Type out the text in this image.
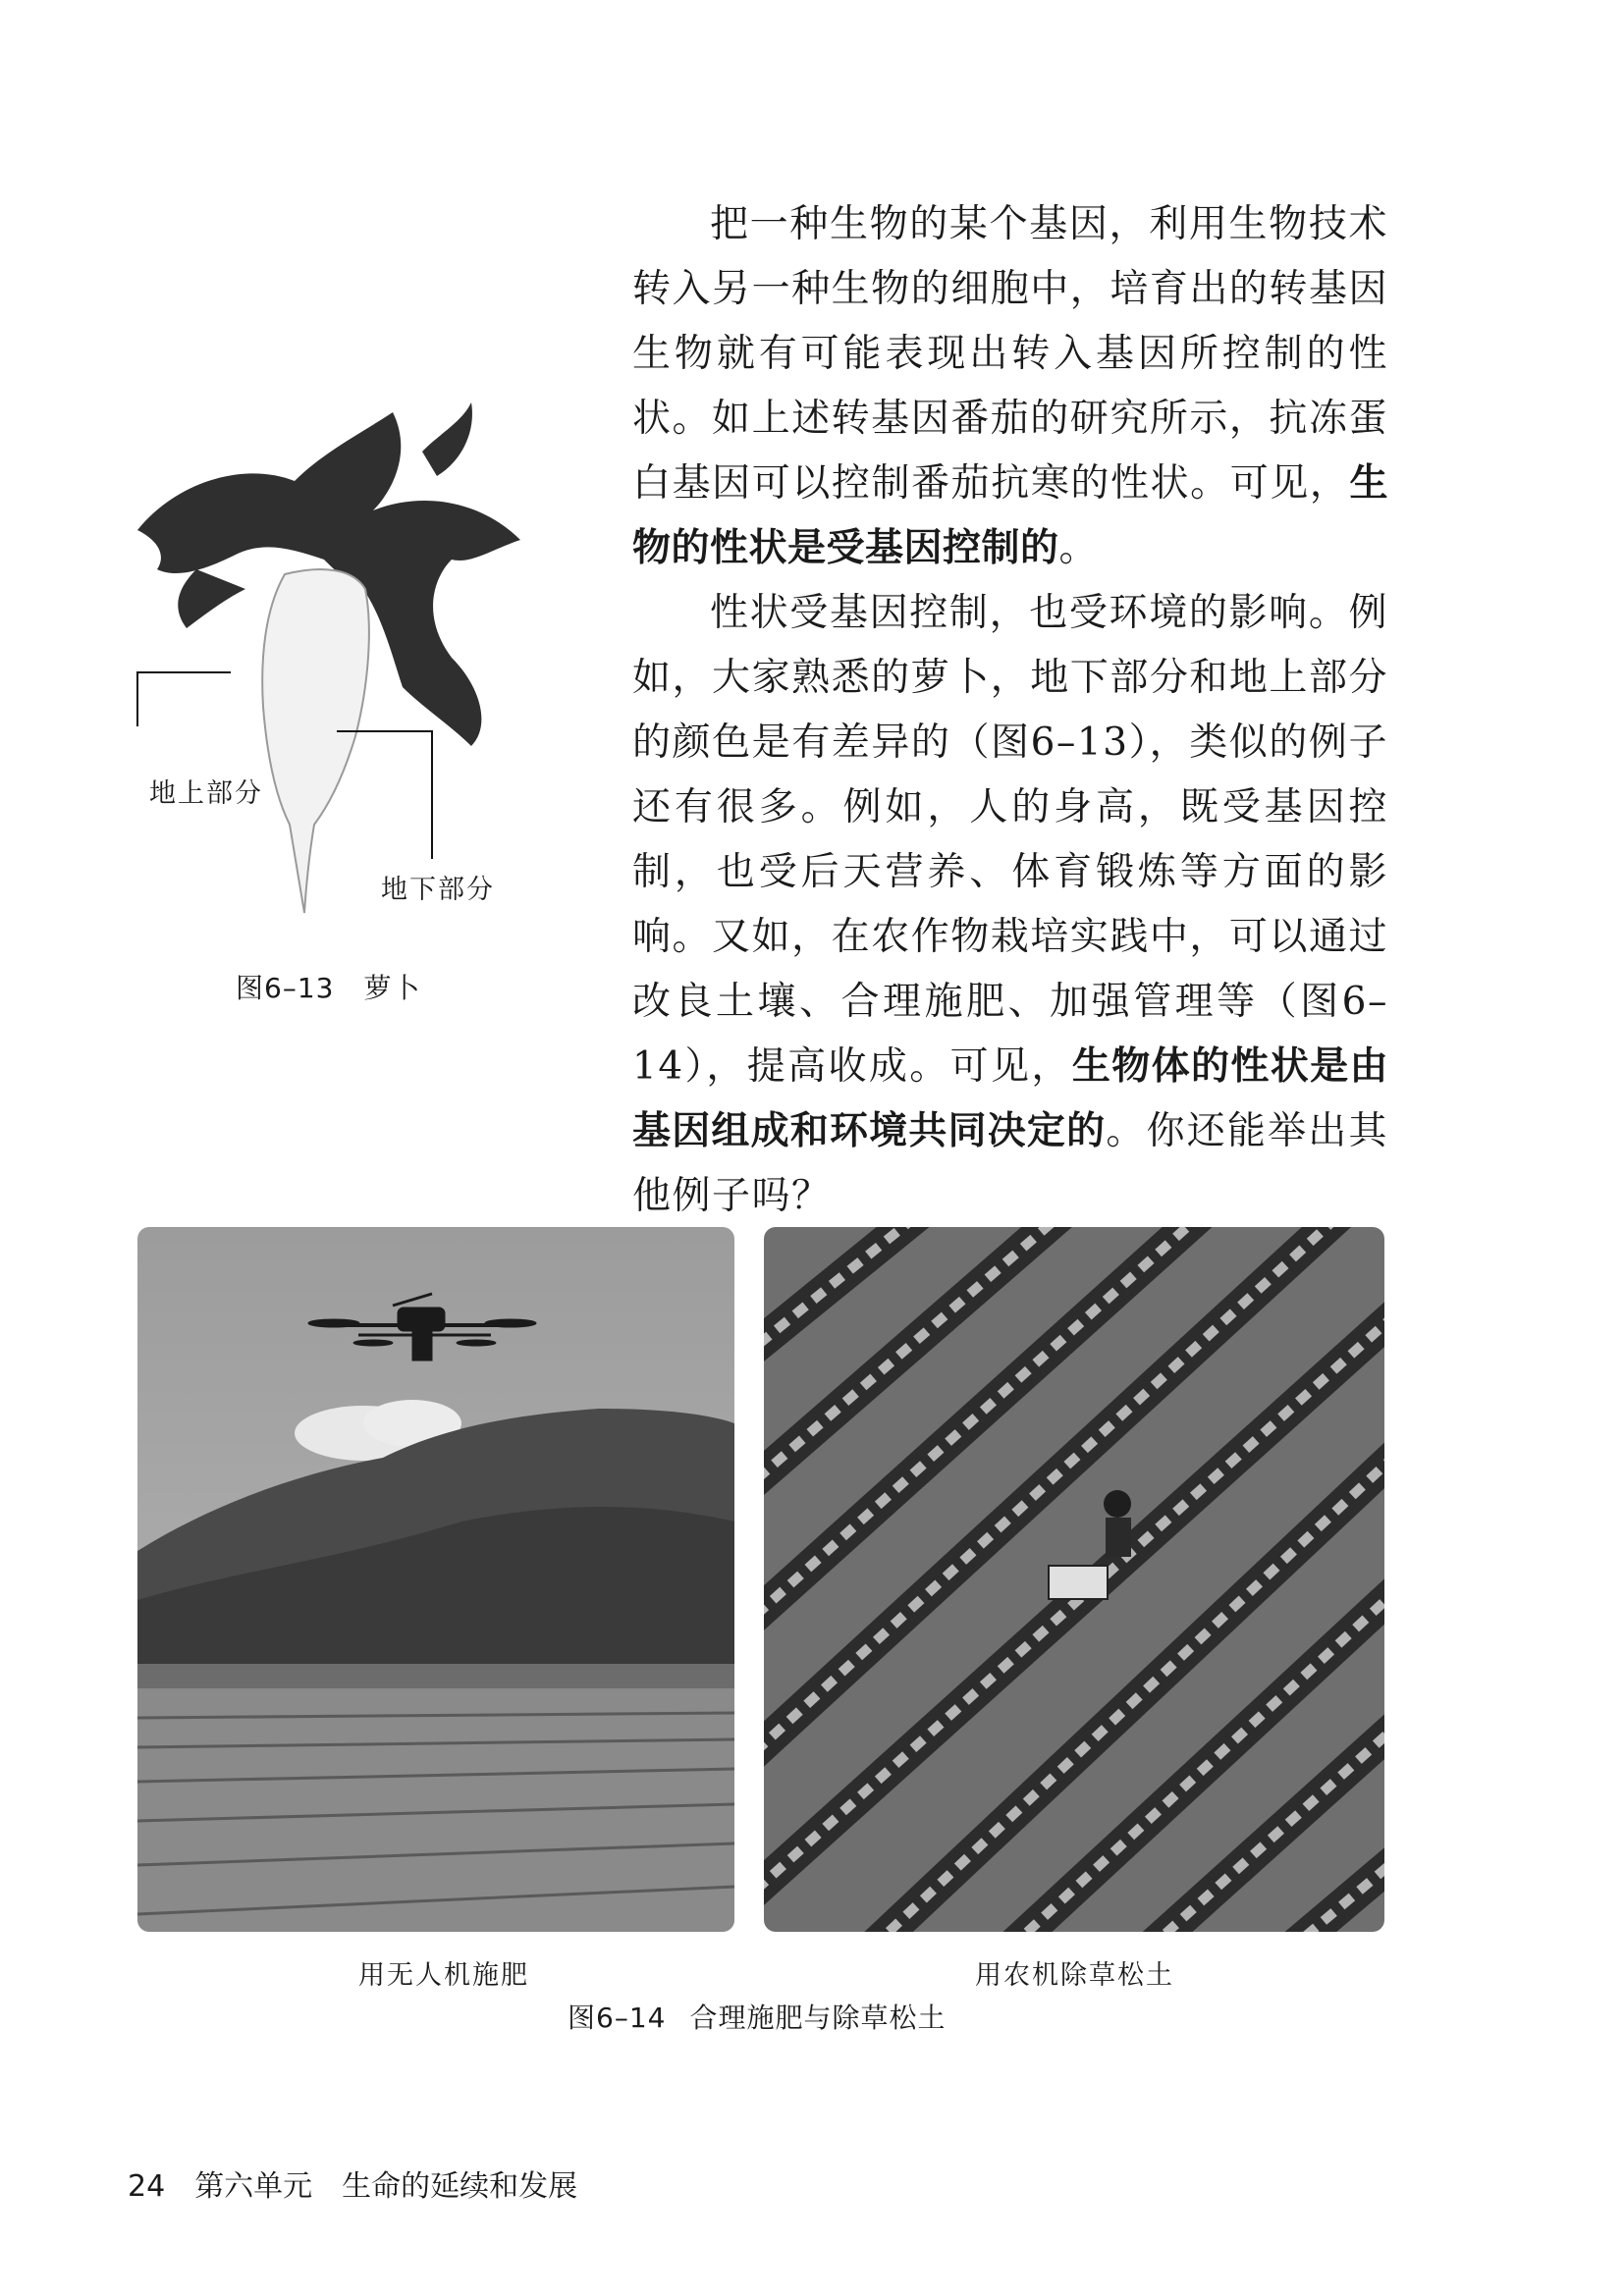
把一种生物的某个基因，利用生物技术转入另一种生物的细胞中，培育出的转基因生物就有可能表现出转入基因所控制的性状。如上述转基因番茄的研究所示，抗冻蛋白基因可以控制番茄抗寒的性状。可见，生物的性状是受基因控制的。

性状受基因控制，也受环境的影响。例如，大家熟悉的萝卜，地下部分和地上部分的颜色是有差异的（图6–13），类似的例子还有很多。例如，人的身高，既受基因控制，也受后天营养、体育锻炼等方面的影响。又如，在农作物栽培实践中，可以通过改良土壤、合理施肥、加强管理等（图6–14），提高收成。可见，生物体的性状是由基因组成和环境共同决定的。你还能举出其他例子吗？

地上部分
地下部分
图6–13 萝卜
用无人机施肥	用农机除草松土
图6–14 合理施肥与除草松土
24 第六单元　生命的延续和发展
